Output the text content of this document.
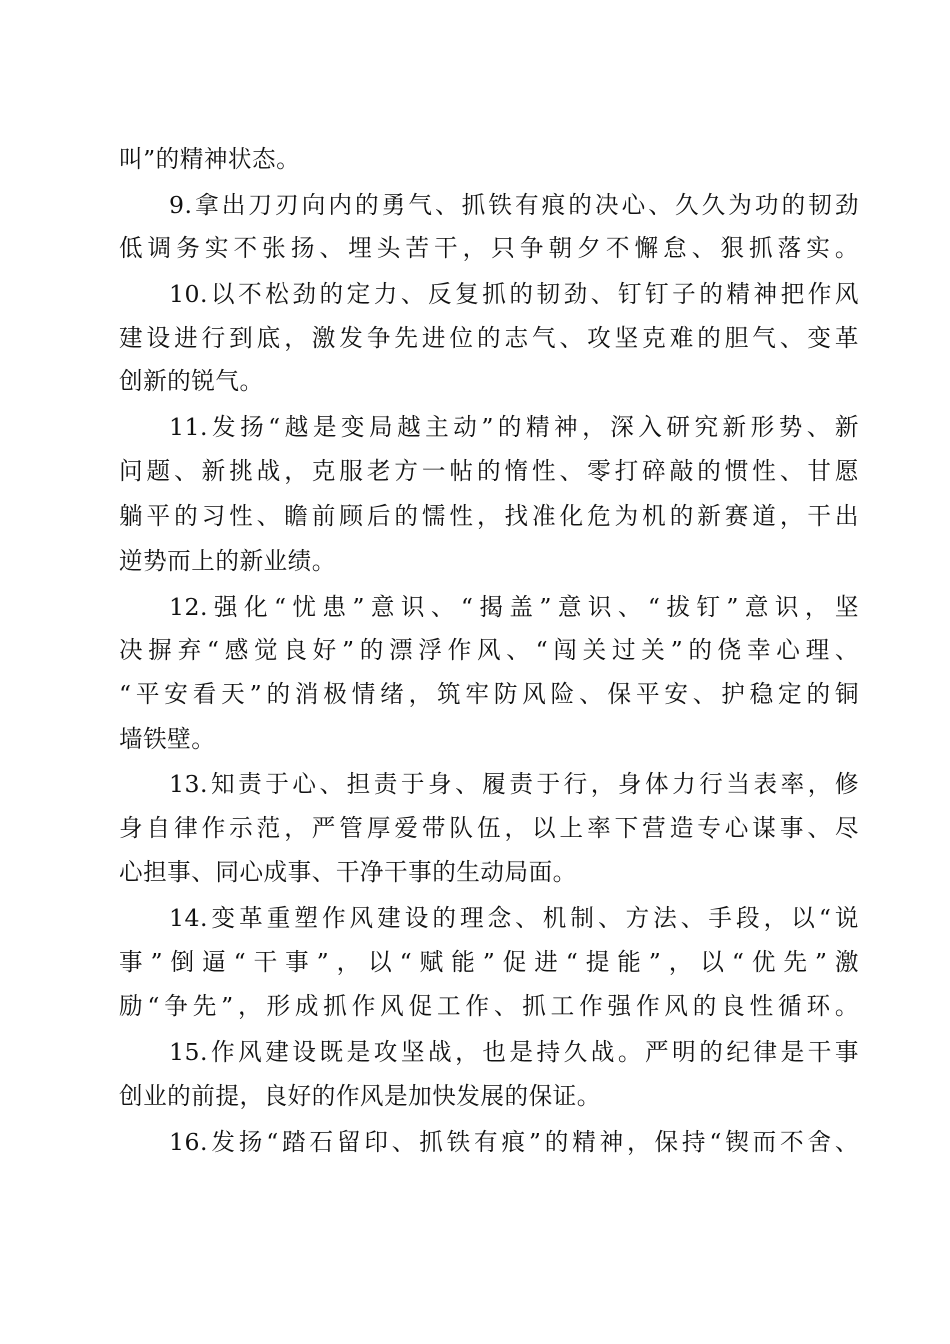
叫”的精神状态。
9.拿出刀刃向内的勇气、抓铁有痕的决心、久久为功的韧劲
低调务实不张扬、埋头苦干，只争朝夕不懈怠、狠抓落实。
10.以不松劲的定力、反复抓的韧劲、钉钉子的精神把作风
建设进行到底，激发争先进位的志气、攻坚克难的胆气、变革
创新的锐气。
11.发扬“越是变局越主动”的精神，深入研究新形势、新
问题、新挑战，克服老方一帖的惰性、零打碎敲的惯性、甘愿
躺平的习性、瞻前顾后的懦性，找准化危为机的新赛道，干出
逆势而上的新业绩。
12.强化“忧患”意识、“揭盖”意识、“拔钉”意识，坚
决摒弃“感觉良好”的漂浮作风、“闯关过关”的侥幸心理、
“平安看天”的消极情绪，筑牢防风险、保平安、护稳定的铜
墙铁壁。
13.知责于心、担责于身、履责于行，身体力行当表率，修
身自律作示范，严管厚爱带队伍，以上率下营造专心谋事、尽
心担事、同心成事、干净干事的生动局面。
14.变革重塑作风建设的理念、机制、方法、手段，以“说
事”倒逼“干事”，以“赋能”促进“提能”，以“优先”激
励“争先”，形成抓作风促工作、抓工作强作风的良性循环。
15.作风建设既是攻坚战，也是持久战。严明的纪律是干事
创业的前提，良好的作风是加快发展的保证。
16.发扬“踏石留印、抓铁有痕”的精神，保持“锲而不舍、
